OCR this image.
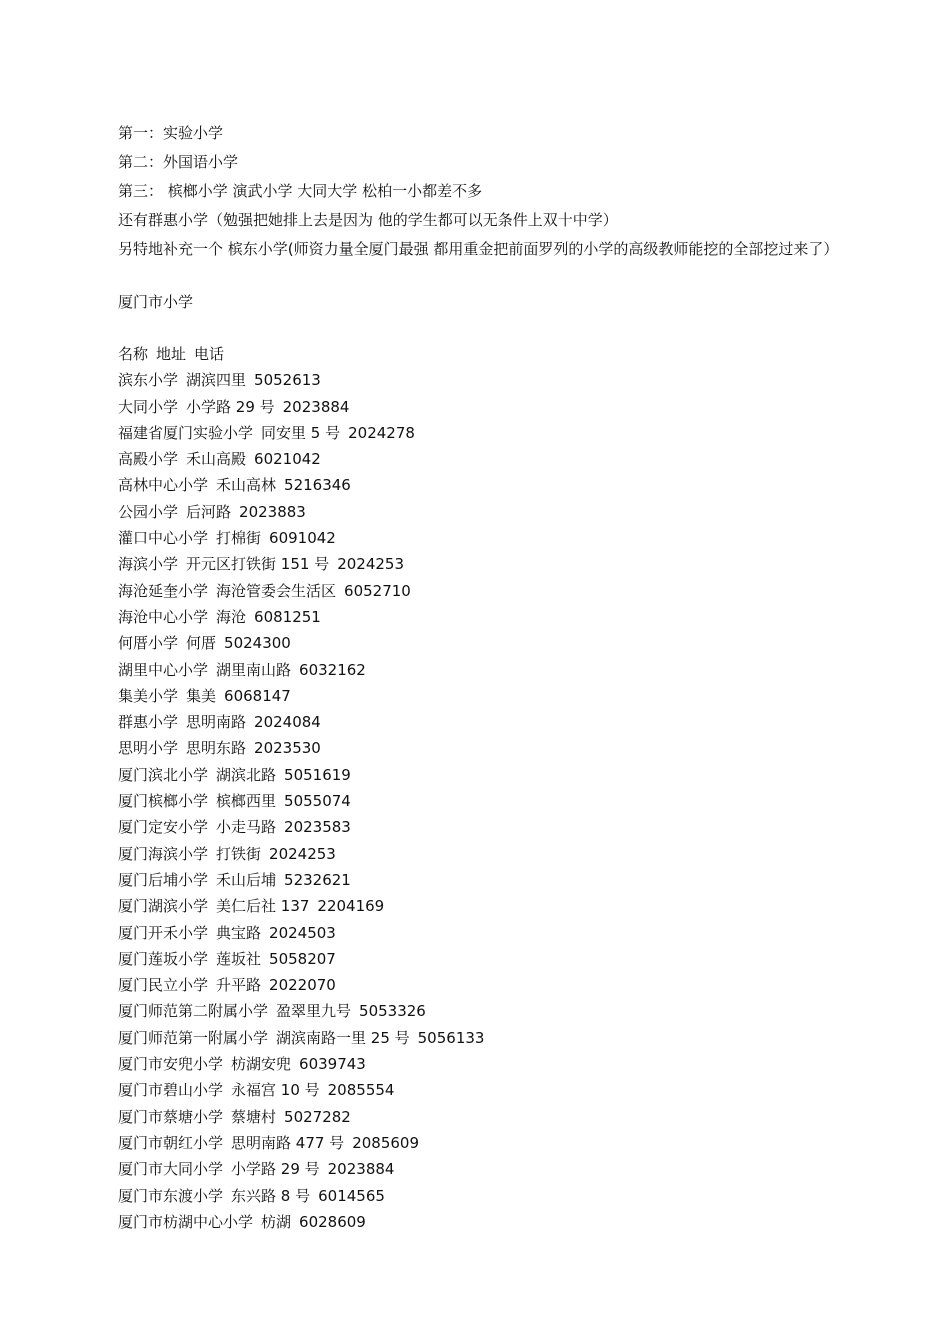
第一：实验小学

第二：外国语小学

第三： 槟榔小学 演武小学 大同大学 松柏一小都差不多

还有群惠小学（勉强把她排上去是因为 他的学生都可以无条件上双十中学）

另特地补充一个 槟东小学(师资力量全厦门最强 都用重金把前面罗列的小学的高级教师能挖的全部挖过来了）

厦门市小学

名称 地址 电话

滨东小学 湖滨四里 5052613
大同小学 小学路 29 号 2023884
福建省厦门实验小学 同安里 5 号 2024278
高殿小学 禾山高殿 6021042
高林中心小学 禾山高林 5216346
公园小学 后河路 2023883
灌口中心小学 打棉街 6091042
海滨小学 开元区打铁街 151 号 2024253
海沧延奎小学 海沧管委会生活区 6052710
海沧中心小学 海沧 6081251
何厝小学 何厝 5024300
湖里中心小学 湖里南山路 6032162
集美小学 集美 6068147
群惠小学 思明南路 2024084
思明小学 思明东路 2023530
厦门滨北小学 湖滨北路 5051619
厦门槟榔小学 槟榔西里 5055074
厦门定安小学 小走马路 2023583
厦门海滨小学 打铁街 2024253
厦门后埔小学 禾山后埔 5232621
厦门湖滨小学 美仁后社 137 2204169
厦门开禾小学 典宝路 2024503
厦门莲坂小学 莲坂社 5058207
厦门民立小学 升平路 2022070
厦门师范第二附属小学 盈翠里九号 5053326
厦门师范第一附属小学 湖滨南路一里 25 号 5056133
厦门市安兜小学 枋湖安兜 6039743
厦门市碧山小学 永福宫 10 号 2085554
厦门市蔡塘小学 蔡塘村 5027282
厦门市朝红小学 思明南路 477 号 2085609
厦门市大同小学 小学路 29 号 2023884
厦门市东渡小学 东兴路 8 号 6014565
厦门市枋湖中心小学 枋湖 6028609
